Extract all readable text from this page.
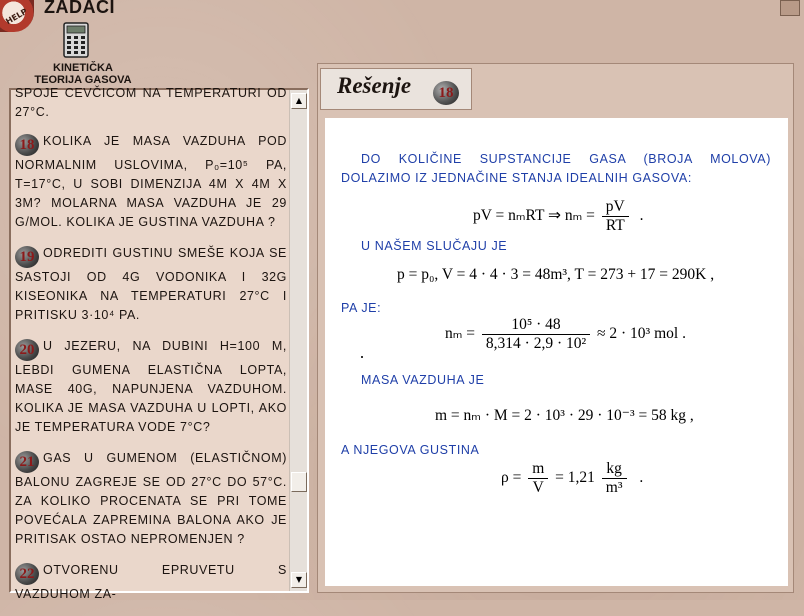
HELP ZADACI
KINETIČKA
TEORIJA GASOVA

SPOJE CEVČICOM NA TEMPERATURI OD 27°C.

18 KOLIKA JE MASA VAZDUHA POD NORMALNIM USLOVIMA, P₀=10⁵ PA, T=17°C, U SOBI DIMENZIJA 4M X 4M X 3M? MOLARNA MASA VAZDUHA JE 29 G/MOL. KOLIKA JE GUSTINA VAZDUHA ?

19 ODREDITI GUSTINU SMEŠE KOJA SE SASTOJI OD 4G VODONIKA I 32G KISEONIKA NA TEMPERATURI 27°C I PRITISKU 3·10⁴ PA.

20 U JEZERU, NA DUBINI H=100 M, LEBDI GUMENA ELASTIČNA LOPTA, MASE 40G, NAPUNJENA VAZDUHOM. KOLIKA JE MASA VAZDUHA U LOPTI, AKO JE TEMPERATURA VODE 7°C?

21 GAS U GUMENOM (ELASTIČNOM) BALONU ZAGREJE SE OD 27°C DO 57°C. ZA KOLIKO PROCENATA SE PRI TOME POVEĆALA ZAPREMINA BALONA AKO JE PRITISAK OSTAO NEPROMENJEN ?

22 OTVORENU EPRUVETU S VAZDUHOM ZA-

▲
▼
Rešenje	18
DO KOLIČINE SUPSTANCIJE GASA (BROJA MOLOVA) DOLAZIMO IZ JEDNAČINE STANJA IDEALNIH GASOVA:
pV = nₘRT ⇒ $n_m = \frac{pV}{RT}$ .
U NAŠEM SLUČAJU JE
p = p₀, V = 4 · 4 · 3 = 48m³, T = 273 + 17 = 290K ,
PA JE:
$n_m = \frac{\text{10⁵ · 48}}{\text{8,314 · 2,9 · 10²}} \approx 2 \cdot 10^3$ mol .
MASA VAZDUHA JE
m = nₘ · M = 2 · 10³ · 29 · 10⁻³ = 58 kg ,
A NJEGOVA GUSTINA
$\rho = \frac{m}{V} = 1,21 \frac{kg}{\text{m³}}$ .
